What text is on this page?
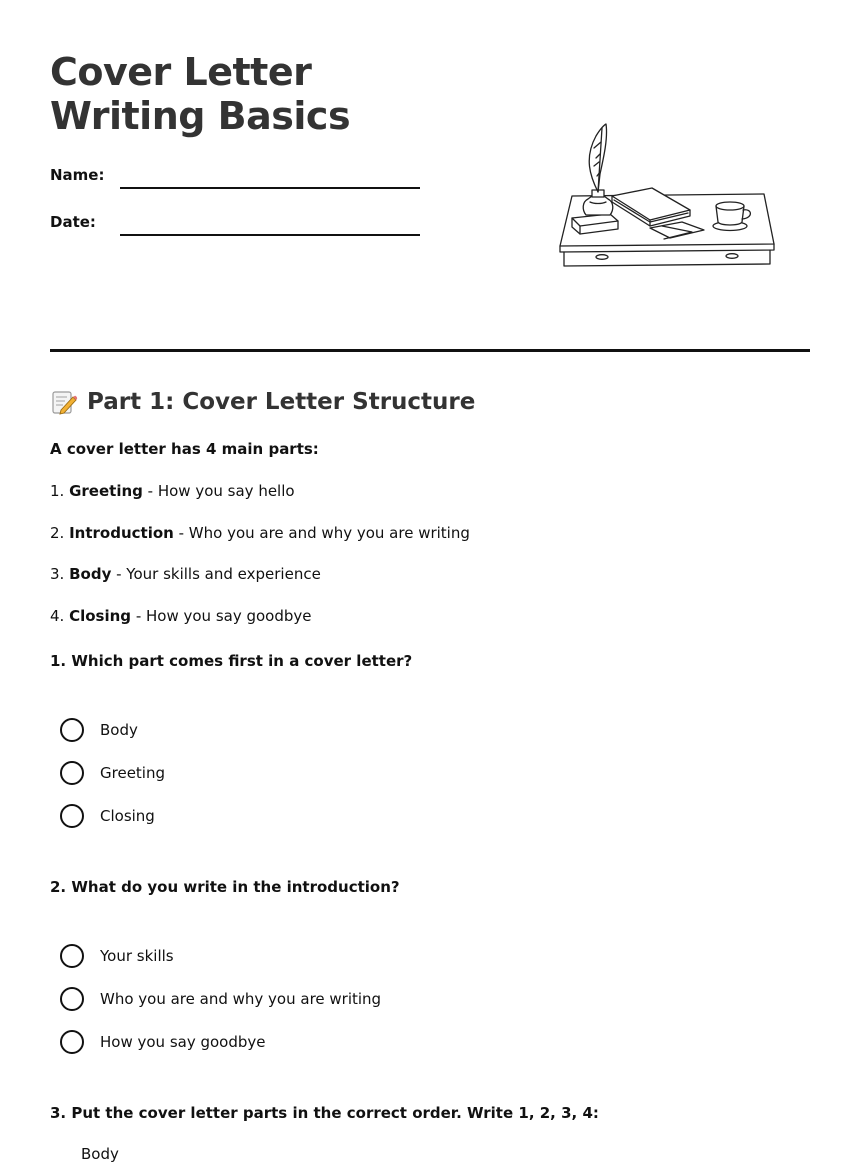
Cover Letter Writing Basics
Name:
Date:
Part 1: Cover Letter Structure
A cover letter has 4 main parts:
1. Greeting - How you say hello
2. Introduction - Who you are and why you are writing
3. Body - Your skills and experience
4. Closing - How you say goodbye
1. Which part comes first in a cover letter?
Body
Greeting
Closing
2. What do you write in the introduction?
Your skills
Who you are and why you are writing
How you say goodbye
3. Put the cover letter parts in the correct order. Write 1, 2, 3, 4:
Body
